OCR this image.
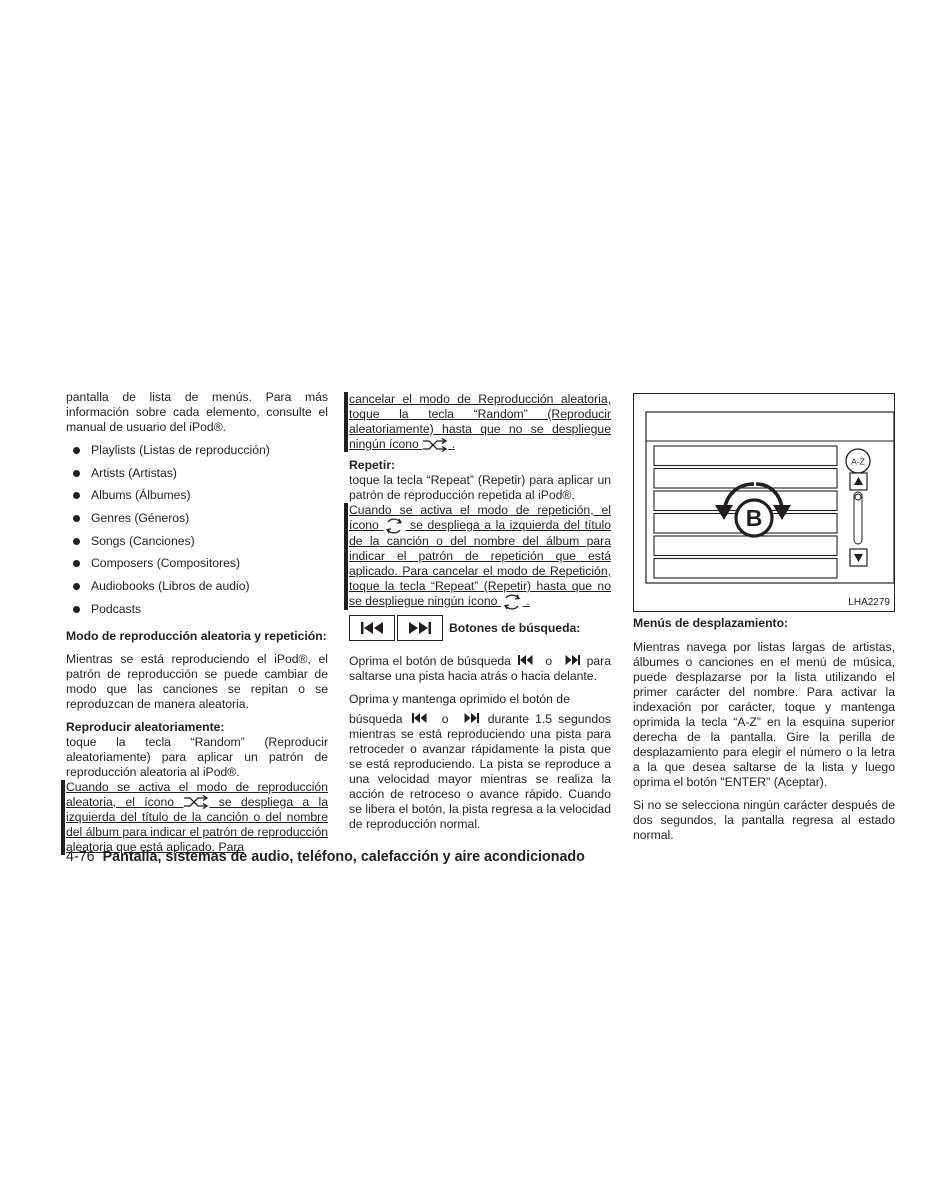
pantalla de lista de menús. Para más información sobre cada elemento, consulte el manual de usuario del iPod®.

Playlists (Listas de reproducción)
Artists (Artistas)
Albums (Álbumes)
Genres (Géneros)
Songs (Canciones)
Composers (Compositores)
Audiobooks (Libros de audio)
Podcasts

Modo de reproducción aleatoria y repetición:

Mientras se está reproduciendo el iPod®, el patrón de reproducción se puede cambiar de modo que las canciones se repitan o se reproduzcan de manera aleatoria.

Reproducir aleatoriamente:

toque la tecla “Random” (Reproducir aleatoriamente) para aplicar un patrón de reproducción aleatoria al iPod®.

Cuando se activa el modo de reproducción aleatoria, el ícono	se despliega a la izquierda del título de la canción o del nombre del álbum para indicar el patrón de reproducción aleatoria que está aplicado. Para

cancelar el modo de Reproducción aleatoria, toque la tecla “Random” (Reproducir aleatoriamente) hasta que no se despliegue ningún ícono	.

Repetir:

toque la tecla “Repeat” (Repetir) para aplicar un patrón de reproducción repetida al iPod®.

Cuando se activa el modo de repetición, el ícono	se despliega a la izquierda del título de la canción o del nombre del álbum para indicar el patrón de repetición que está aplicado. Para cancelar el modo de Repetición, toque la tecla “Repeat” (Repetir) hasta que no se despliegue ningún ícono .

Botones de búsqueda:

Oprima el botón de búsqueda	o	para saltarse una pista hacia atrás o hacia delante.

Oprima y mantenga oprimido el botón de

búsqueda	o	durante 1.5 segundos mientras se está reproduciendo una pista para retroceder o avanzar rápidamente la pista que se está reproduciendo. La pista se reproduce a una velocidad mayor mientras se realiza la acción de retroceso o avance rápido. Cuando se libera el botón, la pista regresa a la velocidad de reproducción normal.

A-Z
B
LHA2279

Menús de desplazamiento:

Mientras navega por listas largas de artistas, álbumes o canciones en el menú de música, puede desplazarse por la lista utilizando el primer carácter del nombre. Para activar la indexación por carácter, toque y mantenga oprimida la tecla “A-Z” en la esquina superior derecha de la pantalla. Gire la perilla de desplazamiento para elegir el número o la letra a la que desea saltarse de la lista y luego oprima el botón "ENTER" (Aceptar).

Si no se selecciona ningún carácter después de dos segundos, la pantalla regresa al estado normal.

4-76 Pantalla, sistemas de audio, teléfono, calefacción y aire acondicionado
